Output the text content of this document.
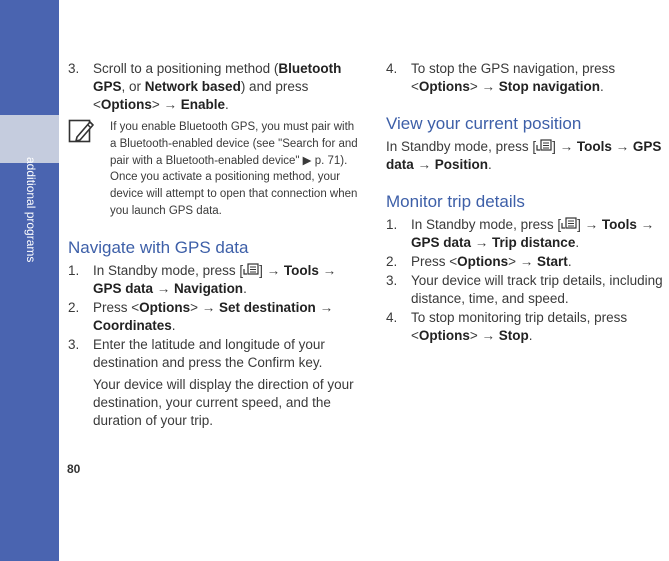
additional programs
80
3.	Scroll to a positioning method (Bluetooth GPS, or Network based) and press <Options> → Enable.
If you enable Bluetooth GPS, you must pair with a Bluetooth-enabled device (see "Search for and pair with a Bluetooth-enabled device" ▶ p. 71). Once you activate a positioning method, your device will attempt to open that connection when you launch GPS data.
Navigate with GPS data
1.	In Standby mode, press [ ] → Tools → GPS data → Navigation.
2.	Press <Options> → Set destination → Coordinates.
3.	Enter the latitude and longitude of your destination and press the Confirm key.
Your device will display the direction of your destination, your current speed, and the duration of your trip.
4.	To stop the GPS navigation, press <Options> → Stop navigation.
View your current position
In Standby mode, press [ ] → Tools → GPS data → Position.
Monitor trip details
1.	In Standby mode, press [ ] → Tools → GPS data → Trip distance.
2.	Press <Options> → Start.
3.	Your device will track trip details, including distance, time, and speed.
4.	To stop monitoring trip details, press <Options> → Stop.
